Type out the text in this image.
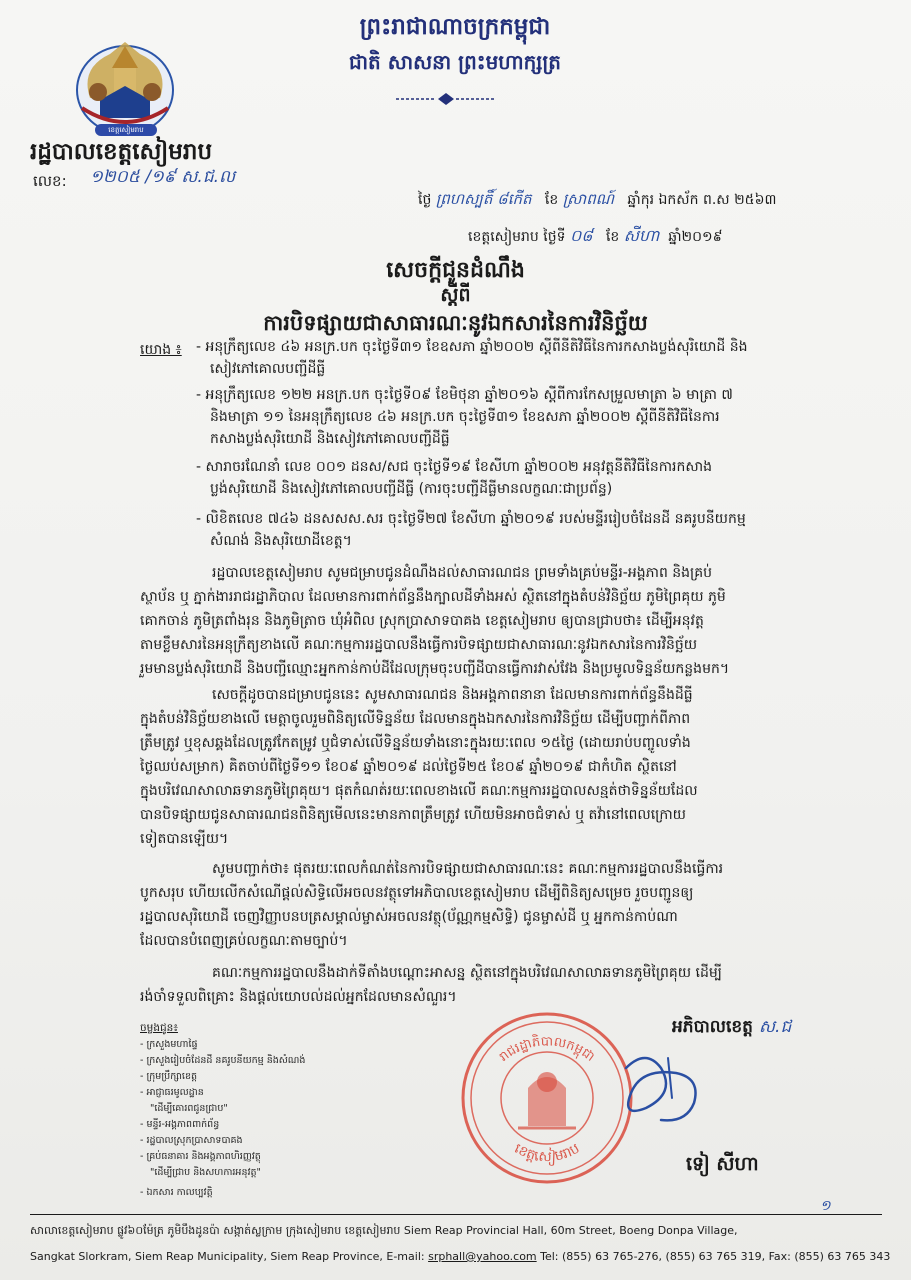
ខេត្តសៀមរាប
ព្រះរាជាណាចក្រកម្ពុជា
ជាតិ សាសនា ព្រះមហាក្សត្រ
រដ្ឋបាលខេត្តសៀមរាប
លេខ: ១២០៥ /១៩ ស.ជ.ល
ថ្ងៃ ព្រហស្បតិ៍ ៨កើត ខែ ស្រាពណ៍ ឆ្នាំកុរ ឯកស័ក ព.ស ២៥៦៣
ខេត្តសៀមរាប ថ្ងៃទី ០៨ ខែ សីហា ឆ្នាំ២០១៩
សេចក្តីជូនដំណឹង
ស្តីពី
ការបិទផ្សាយជាសាធារណៈនូវឯកសារនៃការវិនិច្ឆ័យ
យោង ៖ - អនុក្រឹត្យលេខ ៤៦ អនក្រ.បក ចុះថ្ងៃទី៣១ ខែឧសភា ឆ្នាំ២០០២ ស្តីពីនីតិវិធីនៃការកសាងប្លង់សុរិយោដី និង
សៀវភៅគោលបញ្ជីដីធ្លី
- អនុក្រឹត្យលេខ ១២២ អនក្រ.បក ចុះថ្ងៃទី០៩ ខែមិថុនា ឆ្នាំ២០១៦ ស្តីពីការកែសម្រួលមាត្រា ៦ មាត្រា ៧
និងមាត្រា ១១ នៃអនុក្រឹត្យលេខ ៤៦ អនក្រ.បក ចុះថ្ងៃទី៣១ ខែឧសភា ឆ្នាំ២០០២ ស្តីពីនីតិវិធីនៃការ
កសាងប្លង់សុរិយោដី និងសៀវភៅគោលបញ្ជីដីធ្លី
- សារាចរណែនាំ លេខ ០០១ ដនស/សជ ចុះថ្ងៃទី១៩ ខែសីហា ឆ្នាំ២០០២ អនុវត្តនីតិវិធីនៃការកសាង
ប្លង់សុរិយោដី និងសៀវភៅគោលបញ្ជីដីធ្លី (ការចុះបញ្ជីដីធ្លីមានលក្ខណៈជាប្រព័ន្ធ)
- លិខិតលេខ ៧៤៦ ដនសសស.សរ ចុះថ្ងៃទី២៧ ខែសីហា ឆ្នាំ២០១៩ របស់មន្ទីររៀបចំដែនដី នគរូបនីយកម្ម
សំណង់ និងសុរិយោដីខេត្ត។
រដ្ឋបាលខេត្តសៀមរាប សូមជម្រាបជូនដំណឹងដល់សាធារណជន ព្រមទាំងគ្រប់មន្ទីរ-អង្គភាព និងគ្រប់
ស្ថាប័ន ឬ ភ្នាក់ងាររាជរដ្ឋាភិបាល ដែលមានការពាក់ព័ន្ធនឹងក្បាលដីទាំងអស់ ស្ថិតនៅក្នុងតំបន់វិនិច្ឆ័យ ភូមិព្រៃគុយ ភូមិ
គោកចាន់ ភូមិត្រពាំងរុន និងភូមិត្រាច ឃុំអំពិល ស្រុកប្រាសាទបាគង ខេត្តសៀមរាប ឲ្យបានជ្រាបថា៖ ដើម្បីអនុវត្ត
តាមខ្លឹមសារនៃអនុក្រឹត្យខាងលើ គណៈកម្មការរដ្ឋបាលនឹងធ្វើការបិទផ្សាយជាសាធារណៈនូវឯកសារនៃការវិនិច្ឆ័យ
រួមមានប្លង់សុរិយោដី និងបញ្ជីឈ្មោះអ្នកកាន់កាប់ដីដែលក្រុមចុះបញ្ជីដីបានធ្វើការវាស់វែង និងប្រមូលទិន្នន័យកន្លងមក។
សេចក្តីដូចបានជម្រាបជូននេះ សូមសាធារណជន និងអង្គភាពនានា ដែលមានការពាក់ព័ន្ធនឹងដីធ្លី
ក្នុងតំបន់វិនិច្ឆ័យខាងលើ មេត្តាចូលរួមពិនិត្យលើទិន្នន័យ ដែលមានក្នុងឯកសារនៃការវិនិច្ឆ័យ ដើម្បីបញ្ជាក់ពីភាព
ត្រឹមត្រូវ ឬខុសឆ្គងដែលត្រូវកែតម្រូវ ឬជំទាស់លើទិន្នន័យទាំងនោះក្នុងរយៈពេល ១៥ថ្ងៃ (ដោយរាប់បញ្ចូលទាំង
ថ្ងៃឈប់សម្រាក) គិតចាប់ពីថ្ងៃទី១១ ខែ០៩ ឆ្នាំ២០១៩ ដល់ថ្ងៃទី២៥ ខែ០៩ ឆ្នាំ២០១៩ ជាកំហិត ស្ថិតនៅ
ក្នុងបរិវេណសាលាឆទានភូមិព្រៃគុយ។ ផុតកំណត់រយៈពេលខាងលើ គណៈកម្មការរដ្ឋបាលសន្មត់ថាទិន្នន័យដែល
បានបិទផ្សាយជូនសាធារណជនពិនិត្យមើលនេះមានភាពត្រឹមត្រូវ ហើយមិនអាចជំទាស់ ឬ តវ៉ានៅពេលក្រោយ
ទៀតបានឡើយ។
សូមបញ្ជាក់ថា៖ ផុតរយៈពេលកំណត់នៃការបិទផ្សាយជាសាធារណៈនេះ គណៈកម្មការរដ្ឋបាលនឹងធ្វើការ
បូកសរុប ហើយលើកសំណើផ្តល់សិទ្ធិលើអចលនវត្ថុទៅអភិបាលខេត្តសៀមរាប ដើម្បីពិនិត្យសម្រេច រួចបញ្ជូនឲ្យ
រដ្ឋបាលសុរិយោដី ចេញវិញ្ញាបនបត្រសម្គាល់ម្ចាស់អចលនវត្ថុ(ប័ណ្ណកម្មសិទ្ធិ) ជូនម្ចាស់ដី ឬ អ្នកកាន់កាប់ណា
ដែលបានបំពេញគ្រប់លក្ខណៈតាមច្បាប់។
គណៈកម្មការរដ្ឋបាលនឹងដាក់ទីតាំងបណ្តោះអាសន្ន ស្ថិតនៅក្នុងបរិវេណសាលាឆទានភូមិព្រៃគុយ ដើម្បី
រង់ចាំទទួលពិគ្រោះ និងផ្តល់យោបល់ដល់អ្នកដែលមានសំណួរ។
ចម្លងជូន៖
- ក្រសួងមហាផ្ទៃ
- ក្រសួងរៀបចំដែនដី នគរូបនីយកម្ម និងសំណង់
- ក្រុមប្រឹក្សាខេត្ត
- អាជ្ញាធរមូលដ្ឋាន
"ដើម្បីគោរពជូនជ្រាប"
- មន្ទីរ-អង្គភាពពាក់ព័ន្ធ
- រដ្ឋបាលស្រុកប្រាសាទបាគង
- គ្រប់ធនាគារ និងអង្គភាពហិរញ្ញវត្ថុ
"ដើម្បីជ្រាប និងសហការអនុវត្ត"
- ឯកសារ កាលប្បវត្តិ
រាជរដ្ឋាភិបាលកម្ពុជា
ខេត្តសៀមរាប
អភិបាលខេត្ត ស.ជ
ទៀ សីហា
១
សាលាខេត្តសៀមរាប ផ្លូវ៦០ម៉ែត្រ ភូមិបឹងដូនប៉ា សង្កាត់ស្លក្រាម ក្រុងសៀមរាប ខេត្តសៀមរាប Siem Reap Provincial Hall, 60m Street, Boeng Donpa Village,
Sangkat Slorkram, Siem Reap Municipality, Siem Reap Province, E-mail: srphall@yahoo.com Tel: (855) 63 765-276, (855) 63 765 319, Fax: (855) 63 765 343
